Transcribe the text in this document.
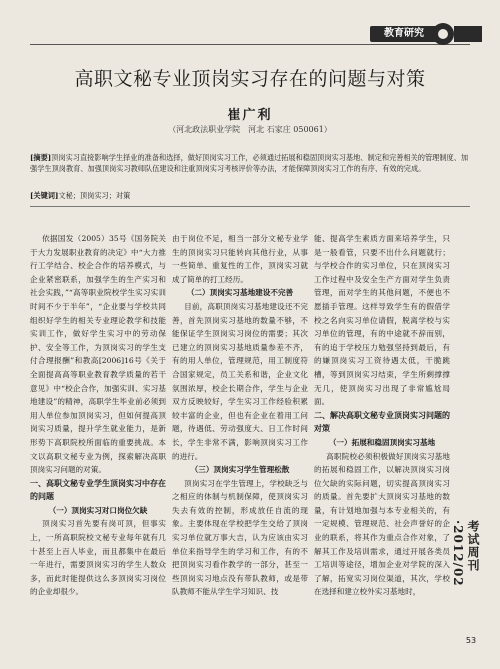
教育研究
高职文秘专业顶岗实习存在的问题与对策
崔广利
（河北政法职业学院　河北 石家庄 050061）
[摘要]顶岗实习直接影响学生择业的准备和选择，做好顶岗实习工作，必须通过拓展和稳固顶岗实习基地、制定和完善相关的管理制度、加强学生顶岗教育、加强顶岗实习教师队伍建设和注重顶岗实习考核评价等办法，才能保障顶岗实习工作的有序、有效的完成。
[关键词]文秘；顶岗实习；对策

依据国发（2005）35号《国务院关于大力发展职业教育的决定》中“大力推行工学结合、校企合作的培养模式，与企业紧密联系，加强学生的生产实习和社会实践，”“高等职业院校学生实习实训时间不少于半年”，“企业要与学校共同组织好学生的相关专业理论教学和技能实训工作，做好学生实习中的劳动保护、安全等工作，为顶岗实习的学生支付合理报酬”和教高[2006]16号《关于全面提高高等职业教育教学质量的若干意见》中“校企合作，加强实训、实习基地建设”的精神，高职学生毕业前必须到用人单位参加顶岗实习，但如何提高顶岗实习质量，提升学生就业能力，是新形势下高职院校所面临的重要挑战。本文以高职文秘专业为例，探索解决高职顶岗实习问题的对策。

一、高职文秘专业学生顶岗实习中存在的问题
（一）顶岗实习对口岗位欠缺

顶岗实习首先要有岗可顶，但事实上，一所高职院校文秘专业每年就有几十甚至上百人毕业，而且都集中在最后一年进行，需要顶岗实习的学生人数众多，而此时能提供这么多顶岗实习岗位的企业却很少。

由于岗位不足，相当一部分文秘专业学生的顶岗实习只能转向其他行业，从事一些简单、重复性的工作，顶岗实习就成了简单的打工经历。

（二）顶岗实习基地建设不完善

目前，高职顶岗实习基地建设还不完善，首先顶岗实习基地的数量不够，不能保证学生顶岗实习岗位的需要；其次已建立的顶岗实习基地质量参差不齐，有的用人单位，管理规范，用工制度符合国家规定，员工关系和谐，企业文化氛围浓厚，校企长期合作，学生与企业双方反映较好，学生实习工作经验积累较丰富的企业，但也有企业在着用工问题，待遇低、劳动强度大、日工作时间长，学生非常不满，影响顶岗实习工作的进行。

（三）顶岗实习学生管理松散

顶岗实习在学生管理上，学校缺乏与之相应的体制与机制保障，使顶岗实习失去有效的控制，形成放任自流的现象。主要体现在学校把学生交给了顶岗实习单位就万事大吉，认为应该由实习单位来指导学生的学习和工作，有的不把顶岗实习看作教学的一部分，甚至一些顶岗实习地点没有带队教师，或是带队教师不能从学生学习知识、技

能、提高学生素质方面来培养学生，只是一般看管，只要不出什么问题就行；与学校合作的实习单位，只在顶岗实习工作过程中及安全生产方面对学生负责管理，而对学生的其他问题，不便也不愿插手管理。这样导致学生有的假借学校之名向实习单位请假，脱离学校与实习单位的管理，有的中途就不辞而别，有的追于学校压力勉强坚持到最后，有的嫌顶岗实习工资待遇太低，干脆跳槽，等到顶岗实习结束，学生所剩撑撑无几，使顶岗实习出现了非常尴尬局面。

二、解决高职文秘专业顶岗实习问题的对策
（一）拓展和稳固顶岗实习基地

高职院校必须积极做好顶岗实习基地的拓展和稳固工作，以解决顶岗实习岗位欠缺的实际问题，切实提高顶岗实习的质量。首先要扩大顶岗实习基地的数量，有计划地加强与本专业相关的，有一定规模、管理规范、社会声誉好的企业的联系，将其作为重点合作对象，了解其工作及培训需求，通过开展各类员工培训等途径，增加企业对学院的深入了解，拓宽实习岗位渠道，其次，学校在选择和建立校外实习基地时，

考试周刊·2012/02
53
